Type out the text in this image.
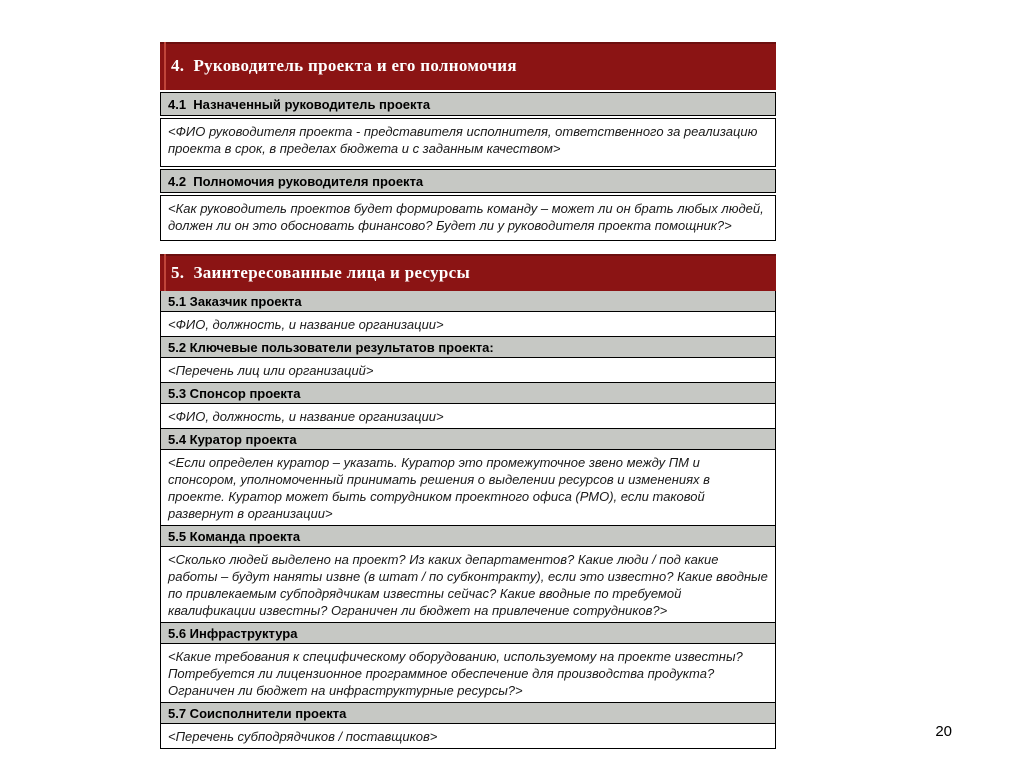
4.  Руководитель проекта и его полномочия
4.1  Назначенный руководитель проекта
<ФИО руководителя проекта - представителя исполнителя, ответственного за реализацию проекта в срок, в пределах бюджета и с заданным качеством>
4.2  Полномочия руководителя проекта
<Как руководитель проектов будет формировать команду – может ли он брать любых людей, должен ли он это обосновать финансово? Будет ли у руководителя проекта помощник?>
5.  Заинтересованные лица и ресурсы
5.1 Заказчик проекта
<ФИО, должность, и название организации>
5.2 Ключевые пользователи результатов проекта:
<Перечень лиц или организаций>
5.3 Спонсор проекта
<ФИО, должность, и название организации>
5.4 Куратор проекта
<Если определен куратор – указать. Куратор это промежуточное звено между ПМ и спонсором, уполномоченный принимать решения о выделении ресурсов и изменениях в проекте. Куратор может быть сотрудником проектного офиса (РМО), если таковой развернут в организации>
5.5 Команда проекта
<Сколько людей выделено на проект? Из каких департаментов? Какие люди / под какие работы – будут наняты извне (в штат / по субконтракту), если это известно? Какие вводные по привлекаемым субподрядчикам известны сейчас? Какие вводные по требуемой квалификации известны? Ограничен ли бюджет на привлечение сотрудников?>
5.6 Инфраструктура
<Какие требования к специфическому оборудованию, используемому на проекте известны? Потребуется ли лицензионное программное обеспечение для производства продукта? Ограничен ли бюджет на инфраструктурные ресурсы?>
5.7 Соисполнители проекта
<Перечень субподрядчиков / поставщиков>	20
